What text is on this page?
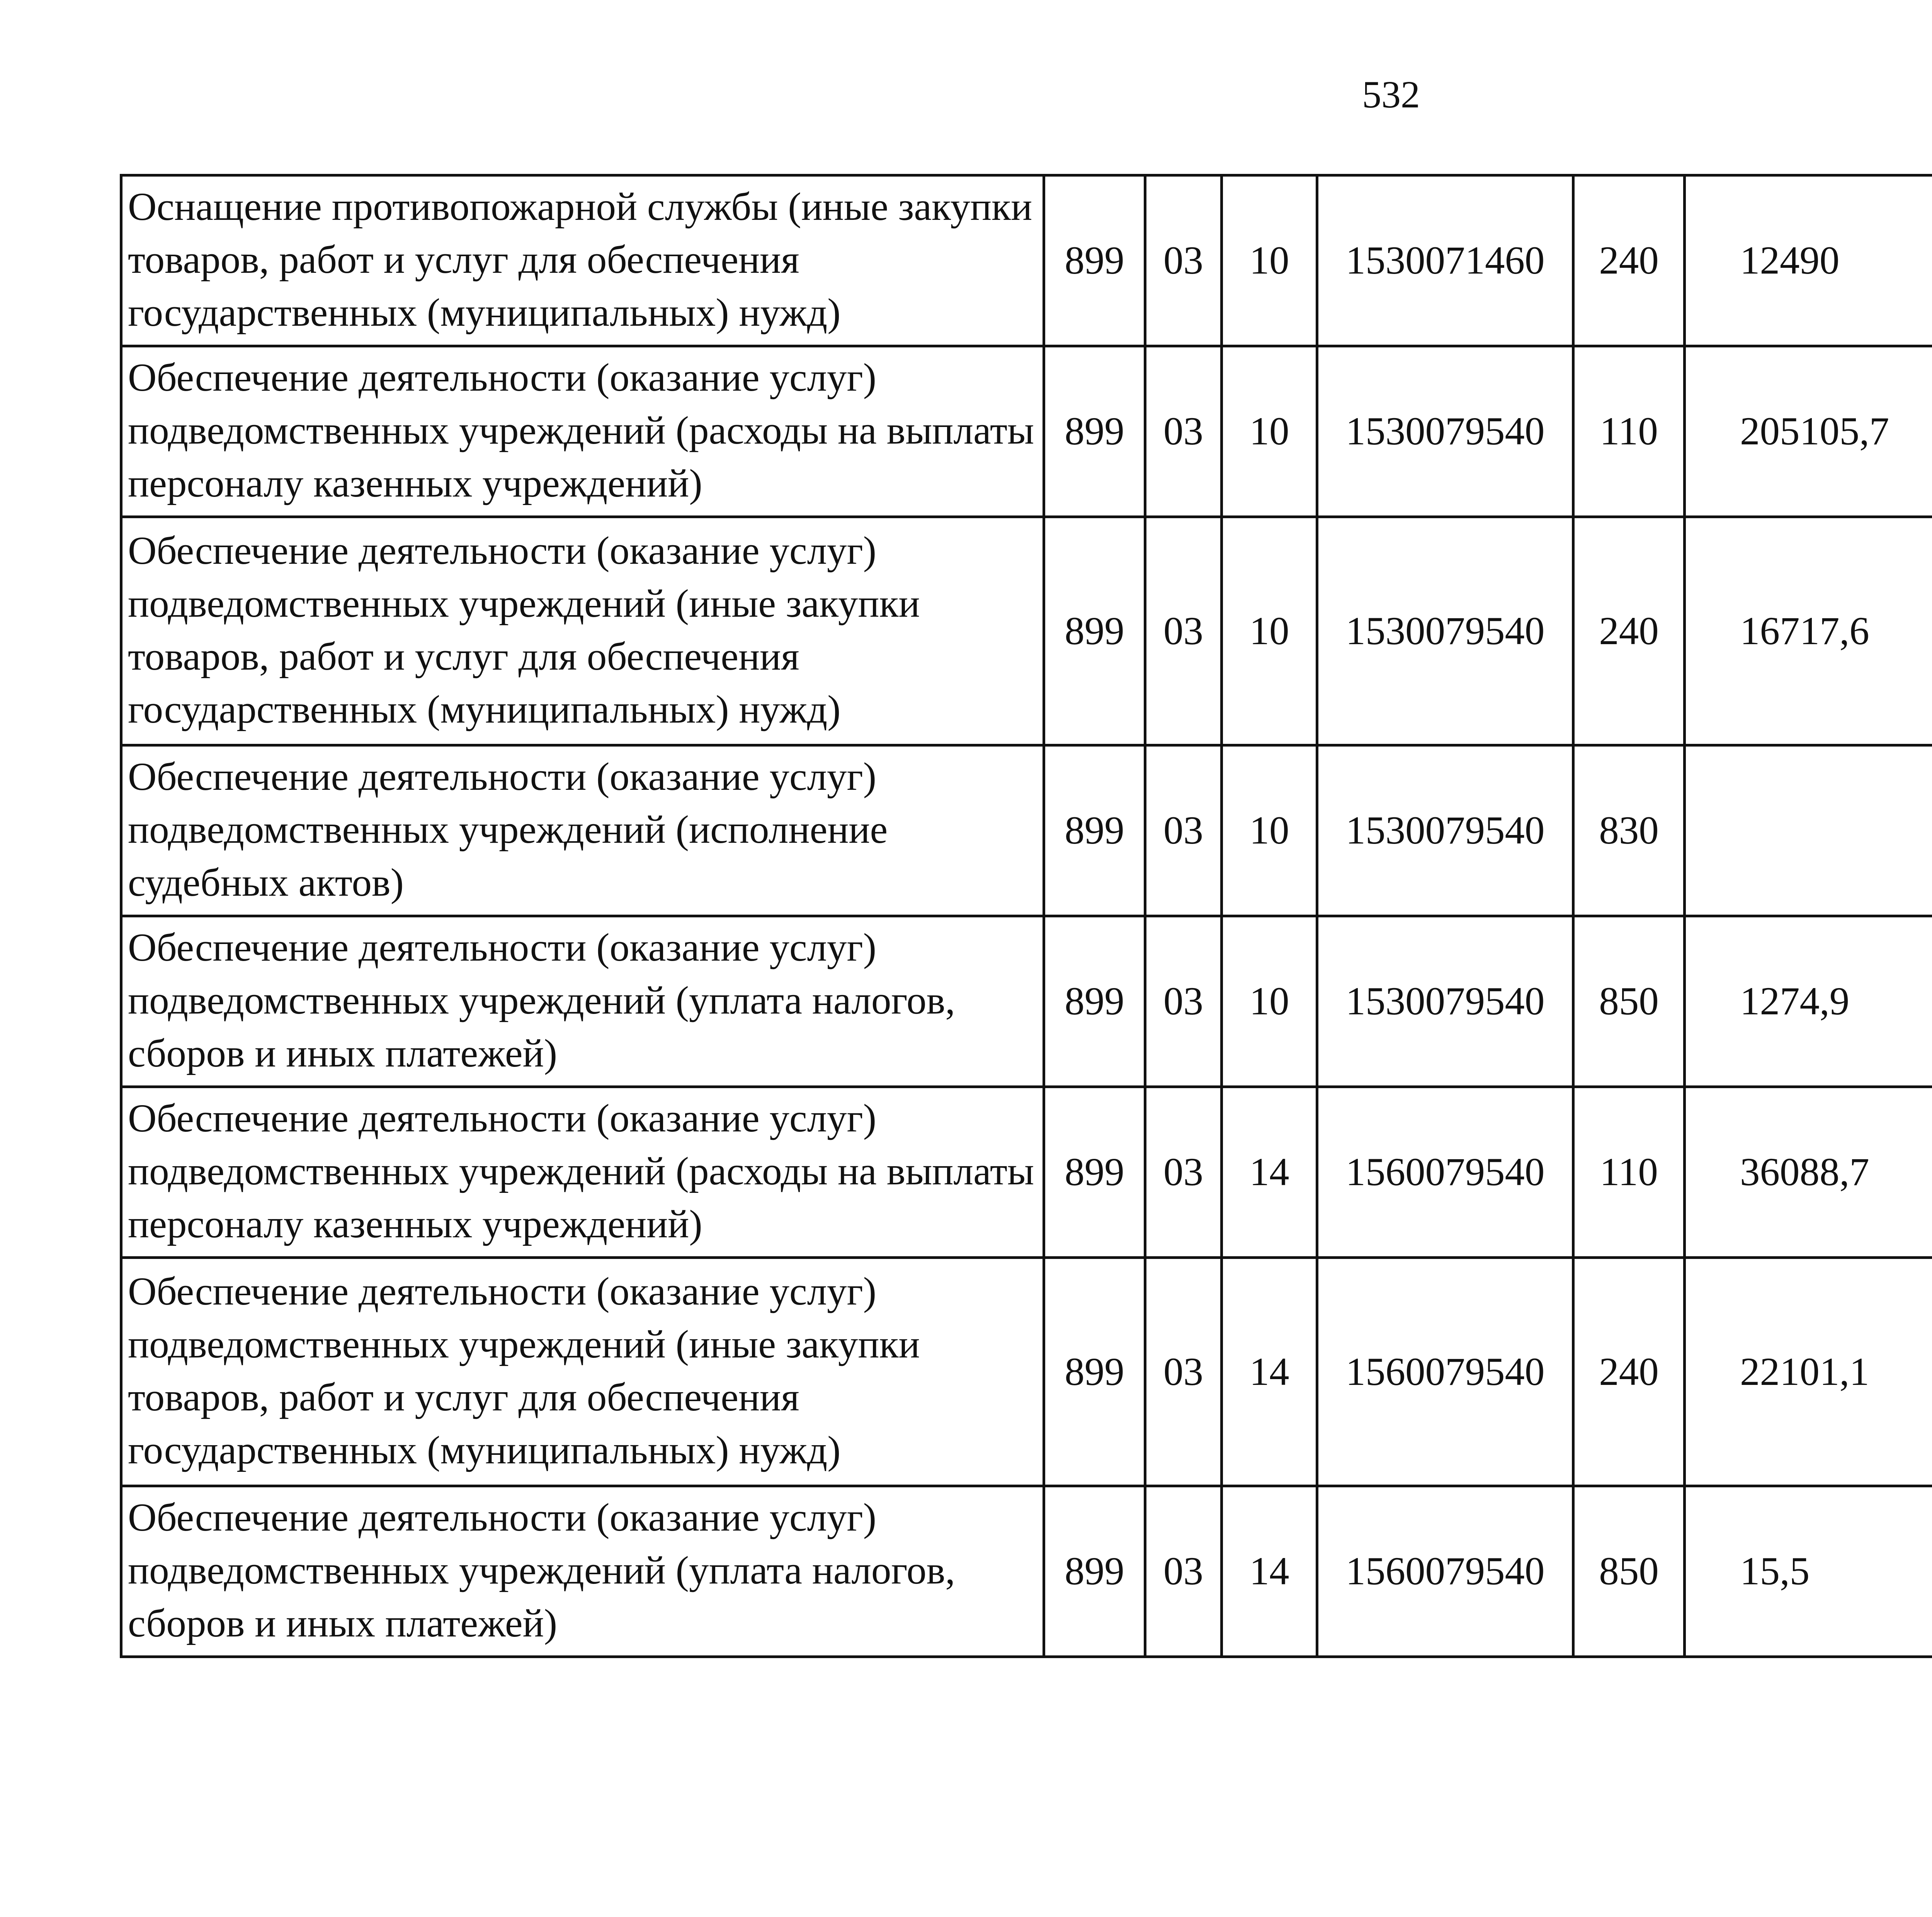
532
Оснащение противопожарной службы (иные закупки товаров, работ и услуг для обеспечения государственных (муниципальных) нужд)	899	03	10	1530071460	240	12490		
Обеспечение деятельности (оказание услуг) подведомственных учреждений (расходы на выплаты персоналу казенных учреждений)	899	03	10	1530079540	110	205105,7		
Обеспечение деятельности (оказание услуг) подведомственных учреждений (иные закупки товаров, работ и услуг для обеспечения государственных (муниципальных) нужд)	899	03	10	1530079540	240	16717,6		
Обеспечение деятельности (оказание услуг) подведомственных учреждений (исполнение судебных актов)	899	03	10	1530079540	830			
Обеспечение деятельности (оказание услуг) подведомственных учреждений (уплата налогов, сборов и иных платежей)	899	03	10	1530079540	850	1274,9		
Обеспечение деятельности (оказание услуг) подведомственных учреждений (расходы на выплаты персоналу казенных учреждений)	899	03	14	1560079540	110	36088,7		
Обеспечение деятельности (оказание услуг) подведомственных учреждений (иные закупки товаров, работ и услуг для обеспечения государственных (муниципальных) нужд)	899	03	14	1560079540	240	22101,1		
Обеспечение деятельности (оказание услуг) подведомственных учреждений (уплата налогов, сборов и иных платежей)	899	03	14	1560079540	850	15,5		
